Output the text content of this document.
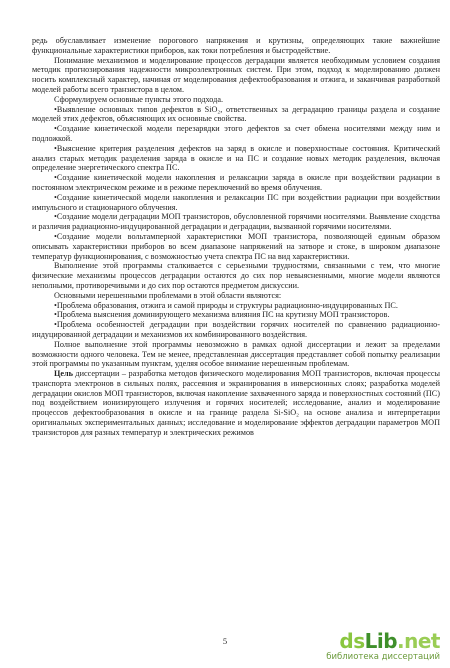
редь обуславливает изменение порогового напряжения и крутизны, определяющих такие важнейшие функциональные характеристики приборов, как токи потребления и быстродействие.

Понимание механизмов и моделирование процессов деградации является необходимым условием создания методик прогнозирования надежности микроэлектронных систем. При этом, подход к моделированию должен носить комплексный характер, начиная от моделирования дефектообразования и отжига, и заканчивая разработкой моделей работы всего транзистора в целом.

Сформулируем основные пункты этого подхода.

•Выявление основных типов дефектов в SiO₂, ответственных за деградацию границы раздела и создание моделей этих дефектов, объясняющих их основные свойства.

•Создание кинетической модели перезарядки этого дефектов за счет обмена носителями между ним и подложкой.

•Выяснение критерия разделения дефектов на заряд в окисле и поверхностные состояния. Критический анализ старых методик разделения заряда в окисле и на ПС и создание новых методик разделения, включая определение энергетического спектра ПС.

•Создание кинетической модели накопления и релаксации заряда в окисле при воздействии радиации в постоянном электрическом режиме и в режиме переключений во время облучения.

•Создание кинетической модели накопления и релаксации ПС при воздействии радиации при воздействии импульсного и стационарного облучения.

•Создание модели деградации МОП транзисторов, обусловленной горячими носителями. Выявление сходства и различия радиационно-индуцированной деградации и деградации, вызванной горячими носителями.

•Создание модели вольтамперной характеристики МОП транзистора, позволяющей единым образом описывать характеристики приборов во всем диапазоне напряжений на затворе и стоке, в широком диапазоне температур функционирования, с возможностью учета спектра ПС на вид характеристики.

Выполнение этой программы сталкивается с серьезными трудностями, связанными с тем, что многие физические механизмы процессов деградации остаются до сих пор невыясненными, многие модели являются неполными, противоречивыми и до сих пор остаются предметом дискуссии.

Основными нерешенными проблемами в этой области являются:

•Проблема образования, отжига и самой природы и структуры радиационно-индуцированных ПС.

•Проблема выяснения доминирующего механизма влияния ПС на крутизну МОП транзисторов.

•Проблема особенностей деградации при воздействии горячих носителей по сравнению радиационно-индуцированной деградации и механизмов их комбинированного воздействия.

Полное выполнение этой программы невозможно в рамках одной диссертации и лежит за пределами возможности одного человека. Тем не менее, представленная диссертация представляет собой попытку реализации этой программы по указанным пунктам, уделяя особое внимание нерешенным проблемам.

Цель диссертации – разработка методов физического моделирования МОП транзисторов, включая процессы транспорта электронов в сильных полях, рассеяния и экранирования в инверсионных слоях; разработка моделей деградации окислов МОП транзисторов, включая накопление захваченного заряда и поверхностных состояний (ПС) под воздействием ионизирующего излучения и горячих носителей; исследование, анализ и моделирование процессов дефектообразования в окисле и на границе раздела Si-SiO₂ на основе анализа и интерпретации оригинальных экспериментальных данных; исследование и моделирование эффектов деградации параметров МОП транзисторов для разных температур и электрических режимов

5	dsLib.net
библиотека диссертаций
